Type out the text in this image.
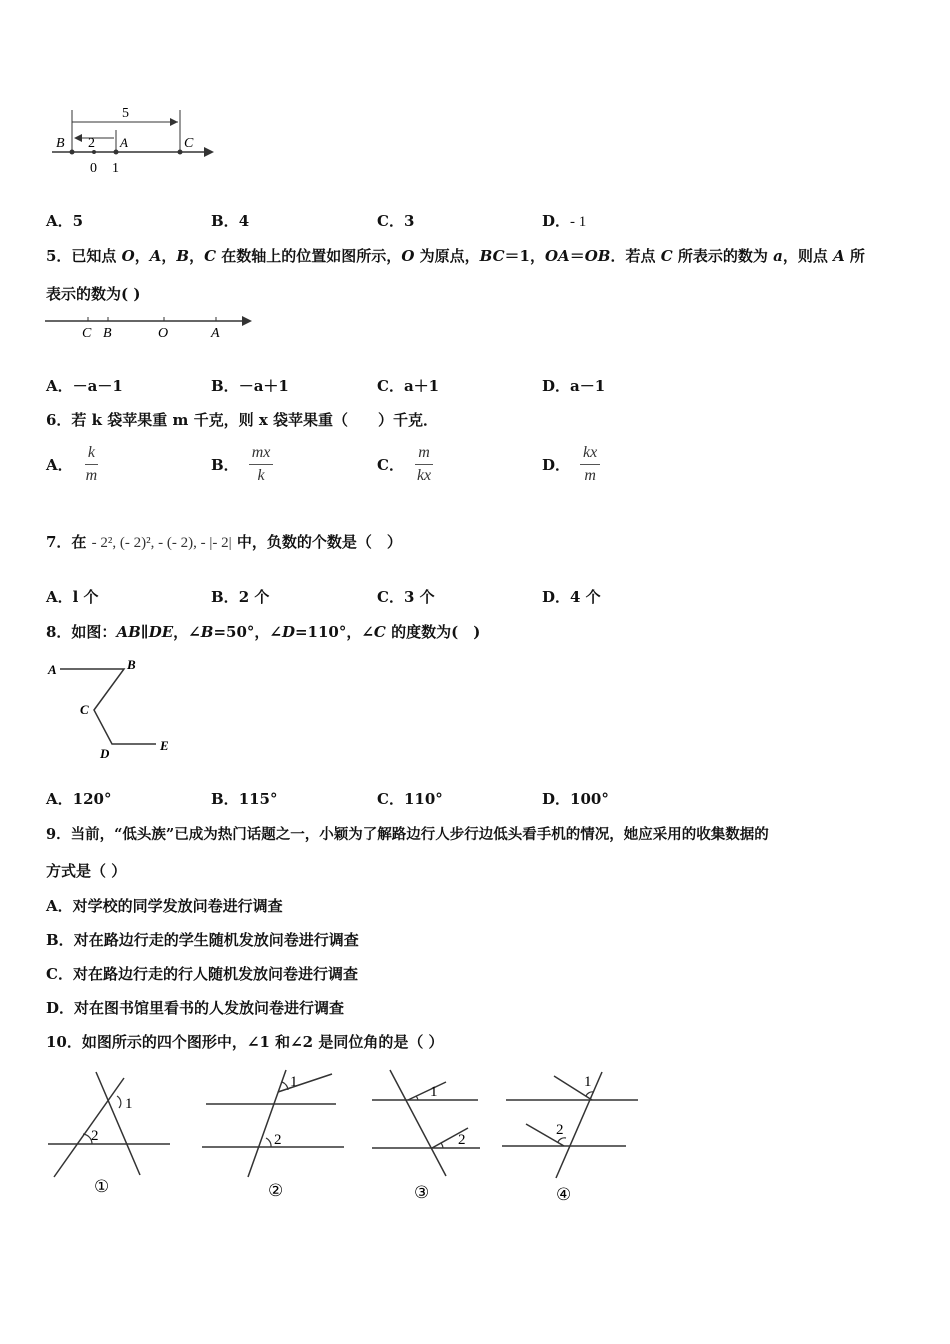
5
2
B	A	C
0 1
A．5	B．4	C．3	D．- 1
5．已知点 O，A，B，C 在数轴上的位置如图所示，O 为原点，BC＝1，OA＝OB．若点 C 所表示的数为 a，则点 A 所
表示的数为( )
C B	O	A
A．－a－1	B．－a＋1	C．a＋1	D．a－1
6．若 k 袋苹果重 m 千克，则 x 袋苹果重（　　）千克．
A． $\frac{k}{m}$	B． $\frac{mx}{k}$	C． $\frac{m}{kx}$	D． $\frac{kx}{m}$
7．在 - 2², (- 2)², - (- 2), - |- 2| 中，负数的个数是（　）
A．l 个	B．2 个	C．3 个	D．4 个
8．如图：AB∥DE，∠B=50°，∠D=110°，∠C 的度数为(　)
A	B
C
D
E
A．120°	B．115°	C．110°	D．100°
9．当前，“低头族”已成为热门话题之一，小颖为了解路边行人步行边低头看手机的情况，她应采用的收集数据的
方式是（ ）
A．对学校的同学发放问卷进行调查
B．对在路边行走的学生随机发放问卷进行调查
C．对在路边行走的行人随机发放问卷进行调查
D．对在图书馆里看书的人发放问卷进行调查
10．如图所示的四个图形中，∠1 和∠2 是同位角的是（ ）
1
2
①
1
2
②
1
2
③
1
2
④
